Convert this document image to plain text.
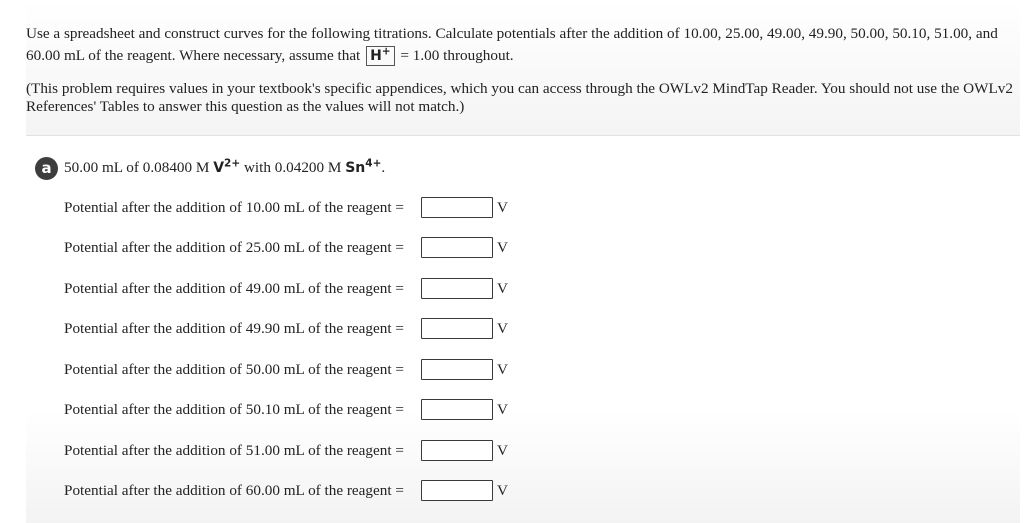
Use a spreadsheet and construct curves for the following titrations. Calculate potentials after the addition of 10.00, 25.00, 49.00, 49.90, 50.00, 50.10, 51.00, and 60.00 mL of the reagent. Where necessary, assume that H+ = 1.00 throughout.

(This problem requires values in your textbook's specific appendices, which you can access through the OWLv2 MindTap Reader. You should not use the OWLv2 References' Tables to answer this question as the values will not match.)

a 50.00 mL of 0.08400 M $V^{2+}$ with 0.04200 M $Sn^{4+}$.
Potential after the addition of 10.00 mL of the reagent =	V
Potential after the addition of 25.00 mL of the reagent =	V
Potential after the addition of 49.00 mL of the reagent =	V
Potential after the addition of 49.90 mL of the reagent =	V
Potential after the addition of 50.00 mL of the reagent =	V
Potential after the addition of 50.10 mL of the reagent =	V
Potential after the addition of 51.00 mL of the reagent =	V
Potential after the addition of 60.00 mL of the reagent =	V
